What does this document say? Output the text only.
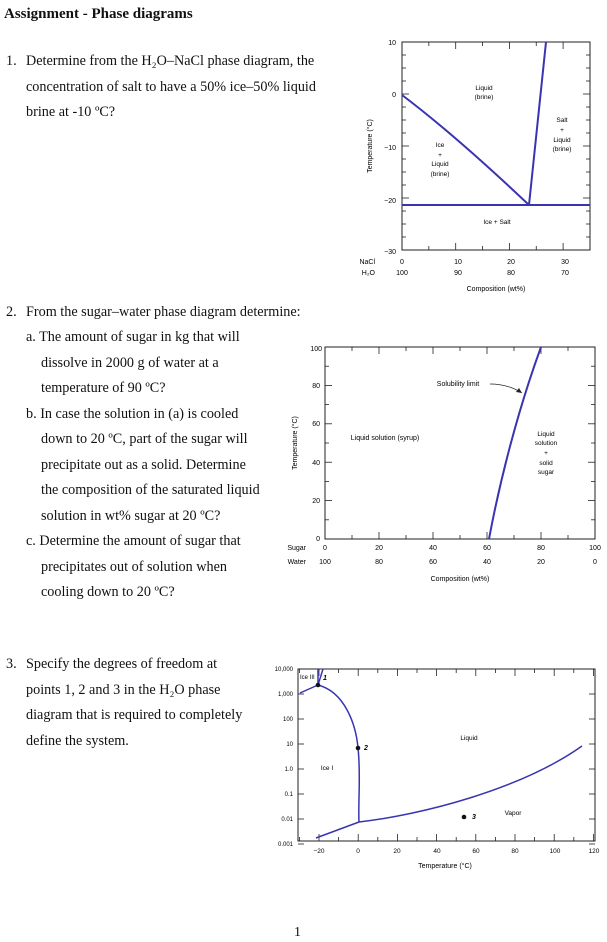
Assignment - Phase diagrams
1. Determine from the H₂O–NaCl phase diagram, the
concentration of salt to have a 50% ice–50% liquid
brine at -10 ºC?
2. From the sugar–water phase diagram determine:
a. The amount of sugar in kg that will
dissolve in 2000 g of water at a
temperature of 90 ºC?
b. In case the solution in (a) is cooled
down to 20 ºC, part of the sugar will
precipitate out as a solid. Determine
the composition of the saturated liquid
solution in wt% sugar at 20 ºC?
c. Determine the amount of sugar that
precipitates out of solution when
cooling down to 20 ºC?
3. Specify the degrees of freedom at
points 1, 2 and 3 in the H₂O phase
diagram that is required to completely
define the system.
10
0
−10
−20
−30
Temperature (°C)
NaCl
H₂O
0	10	20	30
100	90	80	70
Composition (wt%)
Liquid
(brine)
Ice
+
Liquid
(brine)
Salt
+
Liquid
(brine)
Ice + Salt
100
80
60
40
20
0
Temperature (°C)
Sugar
Water
0	20	40	60	80	100
100	80	60	40	20	0
Composition (wt%)
Solubility limit
Liquid solution (syrup)
Liquid
solution
+
solid
sugar
10,000
1,000
100
10
1.0
0.1
0.01
0.001
−20	0	20	40	60	80	100	120
Temperature (°C)
1
2
3
Ice III
Ice I
Liquid
Vapor
1
